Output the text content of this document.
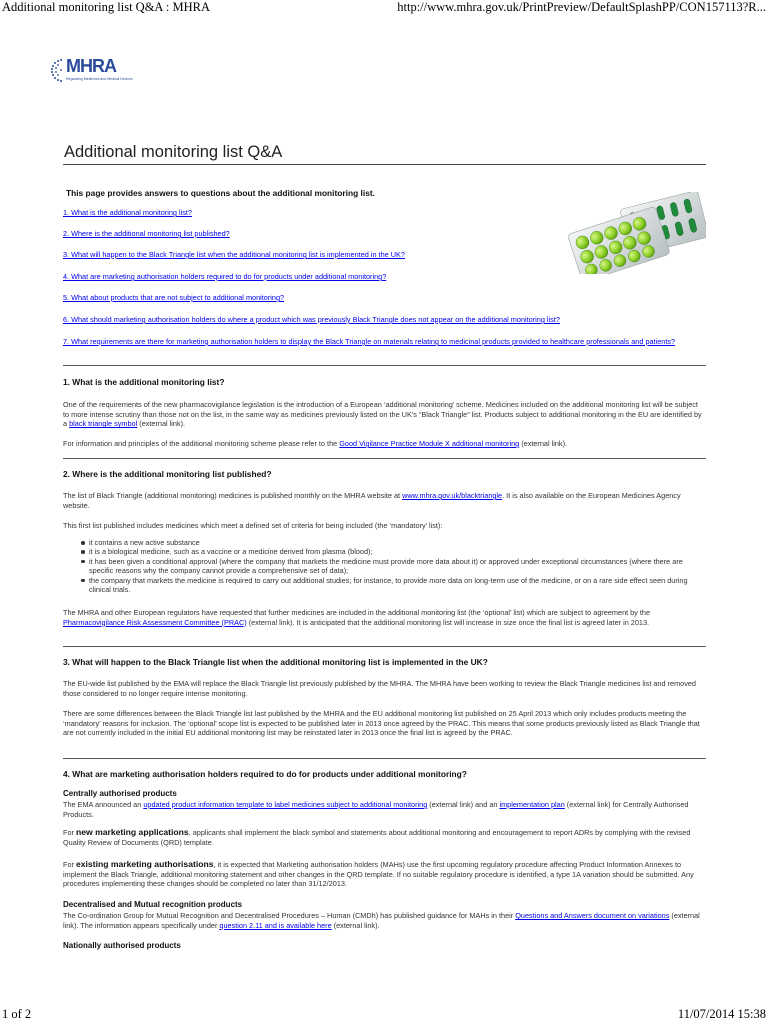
Additional monitoring list Q&A : MHRA	http://www.mhra.gov.uk/PrintPreview/DefaultSplashPP/CON157113?R...
MHRA
Regulating Medicines and Medical Devices
Additional monitoring list Q&A
This page provides answers to questions about the additional monitoring list.
1. What is the additional monitoring list?
2. Where is the additional monitoring list published?
3. What will happen to the Black Triangle list when the additional monitoring list is implemented in the UK?
4. What are marketing authorisation holders required to do for products under additional monitoring?
5. What about products that are not subject to additional monitoring?
6. What should marketing authorisation holders do where a product which was previously Black Triangle does not appear on the additional monitoring list?
7. What requirements are there for marketing authorisation holders to display the Black Triangle on materials relating to medicinal products provided to healthcare professionals and patients?
1. What is the additional monitoring list?
One of the requirements of the new pharmacovigilance legislation is the introduction of a European ‘additional monitoring’ scheme. Medicines included on the additional monitoring list will be subject to more intense scrutiny than those not on the list, in the same way as medicines previously listed on the UK’s “Black Triangle” list. Products subject to additional monitoring in the EU are identified by a black triangle symbol (external link).
For information and principles of the additional monitoring scheme please refer to the Good Vigilance Practice Module X additional monitoring (external link).
2. Where is the additional monitoring list published?
The list of Black Triangle (additional monitoring) medicines is published monthly on the MHRA website at www.mhra.gov.uk/blacktriangle. It is also available on the European Medicines Agency website.
This first list published includes medicines which meet a defined set of criteria for being included (the ‘mandatory’ list):
it contains a new active substance
it is a biological medicine, such as a vaccine or a medicine derived from plasma (blood);
it has been given a conditional approval (where the company that markets the medicine must provide more data about it) or approved under exceptional circumstances (where there are specific reasons why the company cannot provide a comprehensive set of data);
the company that markets the medicine is required to carry out additional studies; for instance, to provide more data on long-term use of the medicine, or on a rare side effect seen during clinical trials.
The MHRA and other European regulators have requested that further medicines are included in the additional monitoring list (the ‘optional’ list) which are subject to agreement by the Pharmacovigilance Risk Assessment Committee (PRAC) (external link). It is anticipated that the additional monitoring list will increase in size once the final list is agreed later in 2013.
3. What will happen to the Black Triangle list when the additional monitoring list is implemented in the UK?
The EU-wide list published by the EMA will replace the Black Triangle list previously published by the MHRA. The MHRA have been working to review the Black Triangle medicines list and removed those considered to no longer require intense monitoring.
There are some differences between the Black Triangle list last published by the MHRA and the EU additional monitoring list published on 25 April 2013 which only includes products meeting the ‘mandatory’ reasons for inclusion. The ‘optional’ scope list is expected to be published later in 2013 once agreed by the PRAC. This means that some products previously listed as Black Triangle that are not currently included in the initial EU additional monitoring list may be reinstated later in 2013 once the final list is agreed by the PRAC.
4. What are marketing authorisation holders required to do for products under additional monitoring?
Centrally authorised products
The EMA announced an updated product information template to label medicines subject to additional monitoring (external link) and an implementation plan (external link) for Centrally Authorised Products.
For new marketing applications, applicants shall implement the black symbol and statements about additional monitoring and encouragement to report ADRs by complying with the revised Quality Review of Documents (QRD) template.
For existing marketing authorisations, it is expected that Marketing authorisation holders (MAHs) use the first upcoming regulatory procedure affecting Product Information Annexes to implement the Black Triangle, additional monitoring statement and other changes in the QRD template. If no suitable regulatory procedure is identified, a type 1A variation should be submitted. Any procedures implementing these changes should be completed no later than 31/12/2013.
Decentralised and Mutual recognition products
The Co-ordination Group for Mutual Recognition and Decentralised Procedures – Human (CMDh) has published guidance for MAHs in their Questions and Answers document on variations (external link). The information appears specifically under question 2.11 and is available here (external link).
Nationally authorised products
1 of 2	11/07/2014 15:38
